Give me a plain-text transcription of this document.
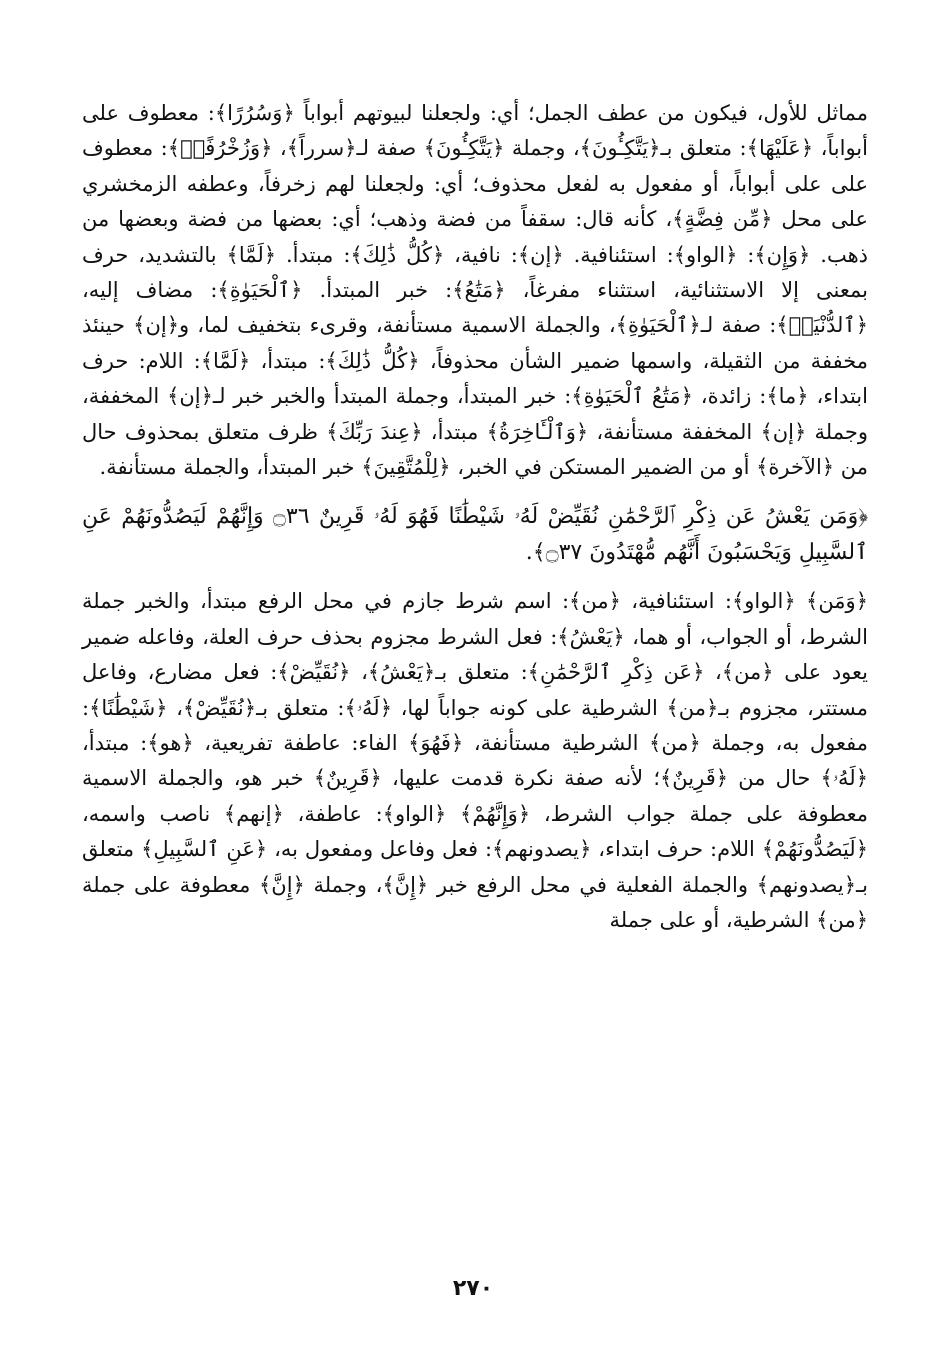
مماثل للأول، فيكون من عطف الجمل؛ أي: ولجعلنا لبيوتهم أبواباً ﴿وَسُرُرًا﴾: معطوف على أبواباً، ﴿عَلَيْهَا﴾: متعلق بـ﴿يَتَّكِـُٔونَ﴾، وجملة ﴿يَتَّكِـُٔونَ﴾ صفة لـ﴿سرراً﴾، ﴿وَزُخْرُفًاۚ﴾: معطوف على على أبواباً، أو مفعول به لفعل محذوف؛ أي: ولجعلنا لهم زخرفاً، وعطفه الزمخشري على محل ﴿مِّن فِضَّةٍ﴾، كأنه قال: سقفاً من فضة وذهب؛ أي: بعضها من فضة وبعضها من ذهب. ﴿وَإِن﴾: ﴿الواو﴾: استئنافية. ﴿إن﴾: نافية، ﴿كُلُّ ذَٰلِكَ﴾: مبتدأ. ﴿لَمَّا﴾ بالتشديد، حرف بمعنى إلا الاستثنائية، استثناء مفرغاً، ﴿مَتَٰعُ﴾: خبر المبتدأ. ﴿ٱلْحَيَوٰةِ﴾: مضاف إليه، ﴿ٱلدُّنْيَاۚ﴾: صفة لـ﴿ٱلْحَيَوٰةِ﴾، والجملة الاسمية مستأنفة، وقرىء بتخفيف لما، و﴿إن﴾ حينئذ مخففة من الثقيلة، واسمها ضمير الشأن محذوفاً، ﴿كُلُّ ذَٰلِكَ﴾: مبتدأ، ﴿لَمَّا﴾: اللام: حرف ابتداء، ﴿ما﴾: زائدة، ﴿مَتَٰعُ ٱلْحَيَوٰةِ﴾: خبر المبتدأ، وجملة المبتدأ والخبر خبر لـ﴿إن﴾ المخففة، وجملة ﴿إن﴾ المخففة مستأنفة، ﴿وَٱلْـَٔاخِرَةُ﴾ مبتدأ، ﴿عِندَ رَبِّكَ﴾ ظرف متعلق بمحذوف حال من ﴿الآخرة﴾ أو من الضمير المستكن في الخبر، ﴿لِلْمُتَّقِينَ﴾ خبر المبتدأ، والجملة مستأنفة.

﴿وَمَن يَعْشُ عَن ذِكْرِ ٱلرَّحْمَٰنِ نُقَيِّضْ لَهُۥ شَيْطَٰنًا فَهُوَ لَهُۥ قَرِينٌ ۝٣٦ وَإِنَّهُمْ لَيَصُدُّونَهُمْ عَنِ ٱلسَّبِيلِ وَيَحْسَبُونَ أَنَّهُم مُّهْتَدُونَ ۝٣٧﴾.

﴿وَمَن﴾ ﴿الواو﴾: استئنافية، ﴿من﴾: اسم شرط جازم في محل الرفع مبتدأ، والخبر جملة الشرط، أو الجواب، أو هما، ﴿يَعْشُ﴾: فعل الشرط مجزوم بحذف حرف العلة، وفاعله ضمير يعود على ﴿من﴾، ﴿عَن ذِكْرِ ٱلرَّحْمَٰنِ﴾: متعلق بـ﴿يَعْشُ﴾، ﴿نُقَيِّضْ﴾: فعل مضارع، وفاعل مستتر، مجزوم بـ﴿من﴾ الشرطية على كونه جواباً لها، ﴿لَهُۥ﴾: متعلق بـ﴿نُقَيِّضْ﴾، ﴿شَيْطَٰنًا﴾: مفعول به، وجملة ﴿من﴾ الشرطية مستأنفة، ﴿فَهُوَ﴾ الفاء: عاطفة تفريعية، ﴿هو﴾: مبتدأ، ﴿لَهُۥ﴾ حال من ﴿قَرِينٌ﴾؛ لأنه صفة نكرة قدمت عليها، ﴿قَرِينٌ﴾ خبر هو، والجملة الاسمية معطوفة على جملة جواب الشرط، ﴿وَإِنَّهُمْ﴾ ﴿الواو﴾: عاطفة، ﴿إنهم﴾ ناصب واسمه، ﴿لَيَصُدُّونَهُمْ﴾ اللام: حرف ابتداء، ﴿يصدونهم﴾: فعل وفاعل ومفعول به، ﴿عَنِ ٱلسَّبِيلِ﴾ متعلق بـ﴿يصدونهم﴾ والجملة الفعلية في محل الرفع خبر ﴿إِنَّ﴾، وجملة ﴿إِنَّ﴾ معطوفة على جملة ﴿من﴾ الشرطية، أو على جملة

٢٧٠
